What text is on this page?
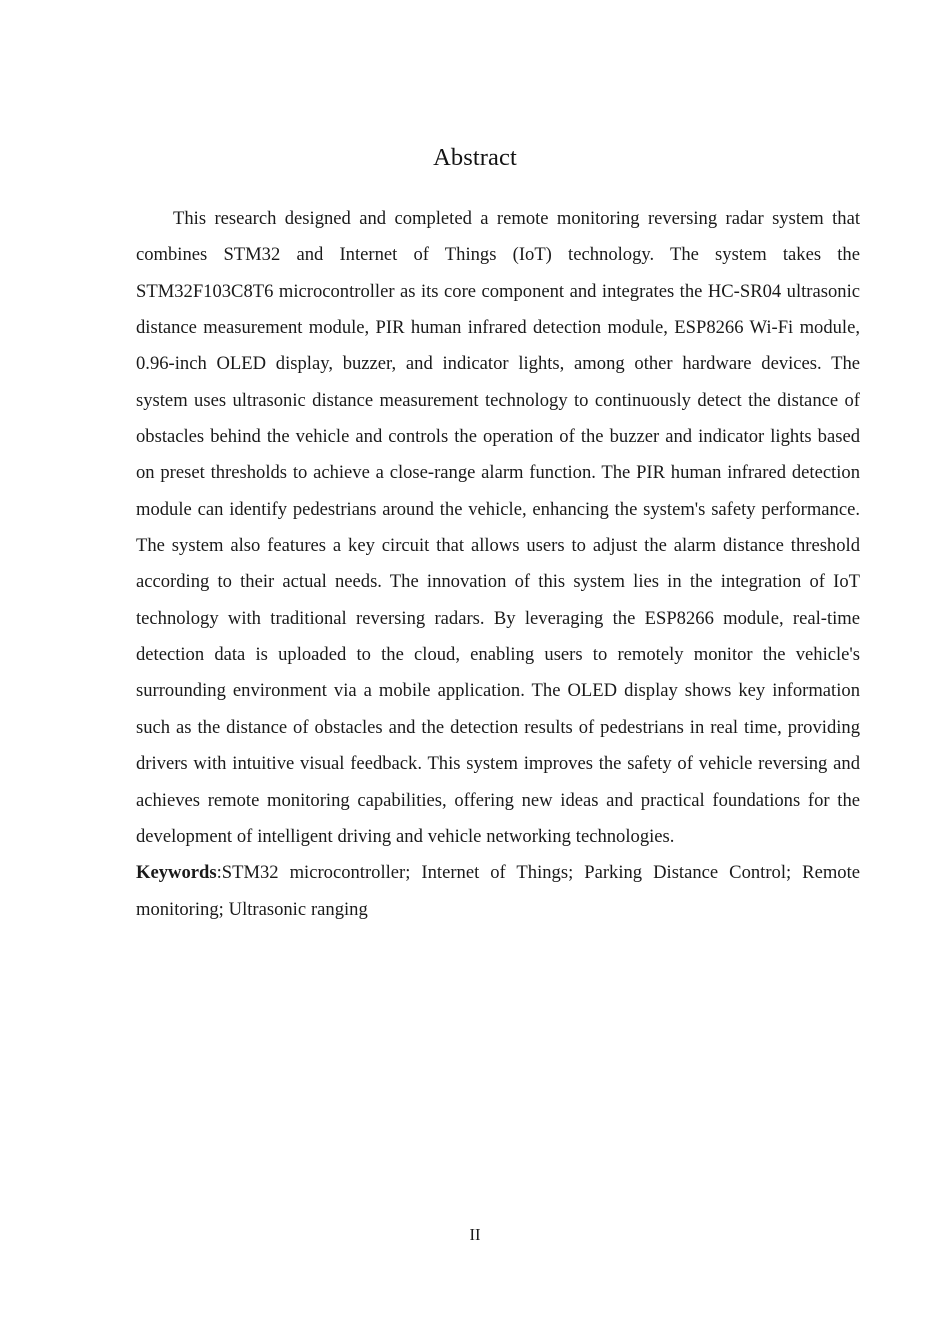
Abstract

This research designed and completed a remote monitoring reversing radar system that combines STM32 and Internet of Things (IoT) technology. The system takes the STM32F103C8T6 microcontroller as its core component and integrates the HC-SR04 ultrasonic distance measurement module, PIR human infrared detection module, ESP8266 Wi-Fi module, 0.96-inch OLED display, buzzer, and indicator lights, among other hardware devices. The system uses ultrasonic distance measurement technology to continuously detect the distance of obstacles behind the vehicle and controls the operation of the buzzer and indicator lights based on preset thresholds to achieve a close-range alarm function. The PIR human infrared detection module can identify pedestrians around the vehicle, enhancing the system's safety performance. The system also features a key circuit that allows users to adjust the alarm distance threshold according to their actual needs. The innovation of this system lies in the integration of IoT technology with traditional reversing radars. By leveraging the ESP8266 module, real-time detection data is uploaded to the cloud, enabling users to remotely monitor the vehicle's surrounding environment via a mobile application. The OLED display shows key information such as the distance of obstacles and the detection results of pedestrians in real time, providing drivers with intuitive visual feedback. This system improves the safety of vehicle reversing and achieves remote monitoring capabilities, offering new ideas and practical foundations for the development of intelligent driving and vehicle networking technologies.

Keywords:STM32 microcontroller; Internet of Things; Parking Distance Control; Remote monitoring; Ultrasonic ranging

II
